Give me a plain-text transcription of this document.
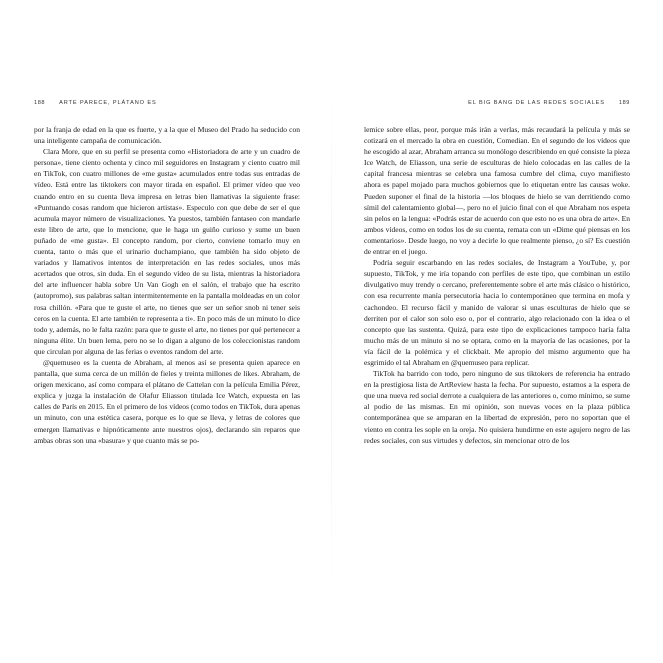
188	ARTE PARECE, PLÁTANO ES

por la franja de edad en la que es fuerte, y a la que el Museo del Prado ha seducido con una inteligente campaña de comunicación.

Clara More, que en su perfil se presenta como «Historiadora de arte y un cuadro de persona», tiene ciento ochenta y cinco mil seguidores en Instagram y ciento cuatro mil en TikTok, con cuatro millones de «me gusta» acumulados entre todas sus entradas de vídeo. Está entre las tiktokers con mayor tirada en español. El primer vídeo que veo cuando entro en su cuenta lleva impresa en letras bien llamativas la siguiente frase: «Puntuando cosas random que hicieron artistas». Especulo con que debe de ser el que acumula mayor número de visualizaciones. Ya puestos, también fantaseo con mandarle este libro de arte, que lo mencione, que le haga un guiño curioso y sume un buen puñado de «me gusta». El concepto random, por cierto, conviene tomarlo muy en cuenta, tanto o más que el urinario duchampiano, que también ha sido objeto de variados y llamativos intentos de interpretación en las redes sociales, unos más acertados que otros, sin duda. En el segundo vídeo de su lista, mientras la historiadora del arte influencer habla sobre Un Van Gogh en el salón, el trabajo que ha escrito (autopromo), sus palabras saltan intermitentemente en la pantalla moldeadas en un color rosa chillón. «Para que te guste el arte, no tienes que ser un señor snob ni tener seis ceros en la cuenta. El arte también te representa a ti». En poco más de un minuto lo dice todo y, además, no le falta razón: para que te guste el arte, no tienes por qué pertenecer a ninguna élite. Un buen lema, pero no se lo digan a alguno de los coleccionistas random que circulan por alguna de las ferias o eventos random del arte.

@quemuseo es la cuenta de Abraham, al menos así se presenta quien aparece en pantalla, que suma cerca de un millón de fieles y treinta millones de likes. Abraham, de origen mexicano, así como compara el plátano de Cattelan con la película Emilia Pérez, explica y juzga la instalación de Olafur Eliasson titulada Ice Watch, expuesta en las calles de París en 2015. En el primero de los vídeos (como todos en TikTok, dura apenas un minuto, con una estética casera, porque es lo que se lleva, y letras de colores que emergen llamativas e hipnóticamente ante nuestros ojos), declarando sin reparos que ambas obras son una «basura» y que cuanto más se po-

EL BIG BANG DE LAS REDES SOCIALES	189

lemice sobre ellas, peor, porque más irán a verlas, más recaudará la película y más se cotizará en el mercado la obra en cuestión, Comedian. En el segundo de los vídeos que he escogido al azar, Abraham arranca su monólogo describiendo en qué consiste la pieza Ice Watch, de Eliasson, una serie de esculturas de hielo colocadas en las calles de la capital francesa mientras se celebra una famosa cumbre del clima, cuyo manifiesto ahora es papel mojado para muchos gobiernos que lo etiquetan entre las causas woke. Pueden suponer el final de la historia —los bloques de hielo se van derritiendo como símil del calentamiento global—, pero no el juicio final con el que Abraham nos espeta sin pelos en la lengua: «Podrás estar de acuerdo con que esto no es una obra de arte». En ambos vídeos, como en todos los de su cuenta, remata con un «Dime qué piensas en los comentarios». Desde luego, no voy a decirle lo que realmente pienso, ¿o sí? Es cuestión de entrar en el juego.

Podría seguir escarbando en las redes sociales, de Instagram a YouTube, y, por supuesto, TikTok, y me iría topando con perfiles de este tipo, que combinan un estilo divulgativo muy trendy o cercano, preferentemente sobre el arte más clásico o histórico, con esa recurrente manía persecutoria hacia lo contemporáneo que termina en mofa y cachondeo. El recurso fácil y manido de valorar si unas esculturas de hielo que se derriten por el calor son solo eso o, por el contrario, algo relacionado con la idea o el concepto que las sustenta. Quizá, para este tipo de explicaciones tampoco haría falta mucho más de un minuto si no se optara, como en la mayoría de las ocasiones, por la vía fácil de la polémica y el clickbait. Me apropio del mismo argumento que ha esgrimido el tal Abraham en @quemuseo para replicar.

TikTok ha barrido con todo, pero ninguno de sus tiktokers de referencia ha entrado en la prestigiosa lista de ArtReview hasta la fecha. Por supuesto, estamos a la espera de que una nueva red social derrote a cualquiera de las anteriores o, como mínimo, se sume al podio de las mismas. En mi opinión, son nuevas voces en la plaza pública contemporánea que se amparan en la libertad de expresión, pero no soportan que el viento en contra les sople en la oreja. No quisiera hundirme en este agujero negro de las redes sociales, con sus virtudes y defectos, sin mencionar otro de los
